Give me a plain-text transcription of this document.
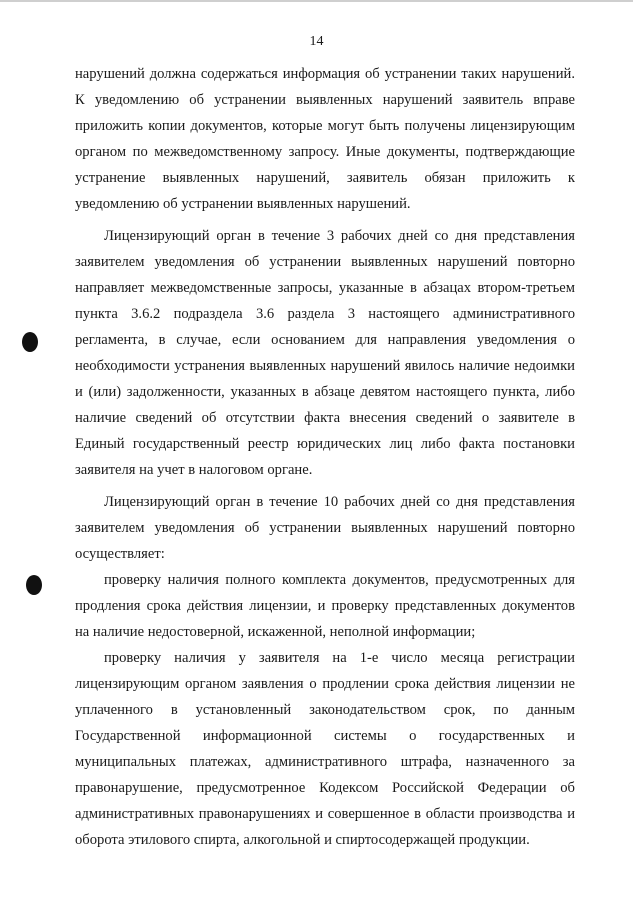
14

нарушений должна содержаться информация об устранении таких нарушений. К уведомлению об устранении выявленных нарушений заявитель вправе приложить копии документов, которые могут быть получены лицензирующим органом по межведомственному запросу. Иные документы, подтверждающие устранение выявленных нарушений, заявитель обязан приложить к уведомлению об устранении выявленных нарушений.

Лицензирующий орган в течение 3 рабочих дней со дня представления заявителем уведомления об устранении выявленных нарушений повторно направляет межведомственные запросы, указанные в абзацах втором-третьем пункта 3.6.2 подраздела 3.6 раздела 3 настоящего административного регламента, в случае, если основанием для направления уведомления о необходимости устранения выявленных нарушений явилось наличие недоимки и (или) задолженности, указанных в абзаце девятом настоящего пункта, либо наличие сведений об отсутствии факта внесения сведений о заявителе в Единый государственный реестр юридических лиц либо факта постановки заявителя на учет в налоговом органе.

Лицензирующий орган в течение 10 рабочих дней со дня представления заявителем уведомления об устранении выявленных нарушений повторно осуществляет:

проверку наличия полного комплекта документов, предусмотренных для продления срока действия лицензии, и проверку представленных документов на наличие недостоверной, искаженной, неполной информации;

проверку наличия у заявителя на 1-е число месяца регистрации лицензирующим органом заявления о продлении срока действия лицензии не уплаченного в установленный законодательством срок, по данным Государственной информационной системы о государственных и муниципальных платежах, административного штрафа, назначенного за правонарушение, предусмотренное Кодексом Российской Федерации об административных правонарушениях и совершенное в области производства и оборота этилового спирта, алкогольной и спиртосодержащей продукции.
